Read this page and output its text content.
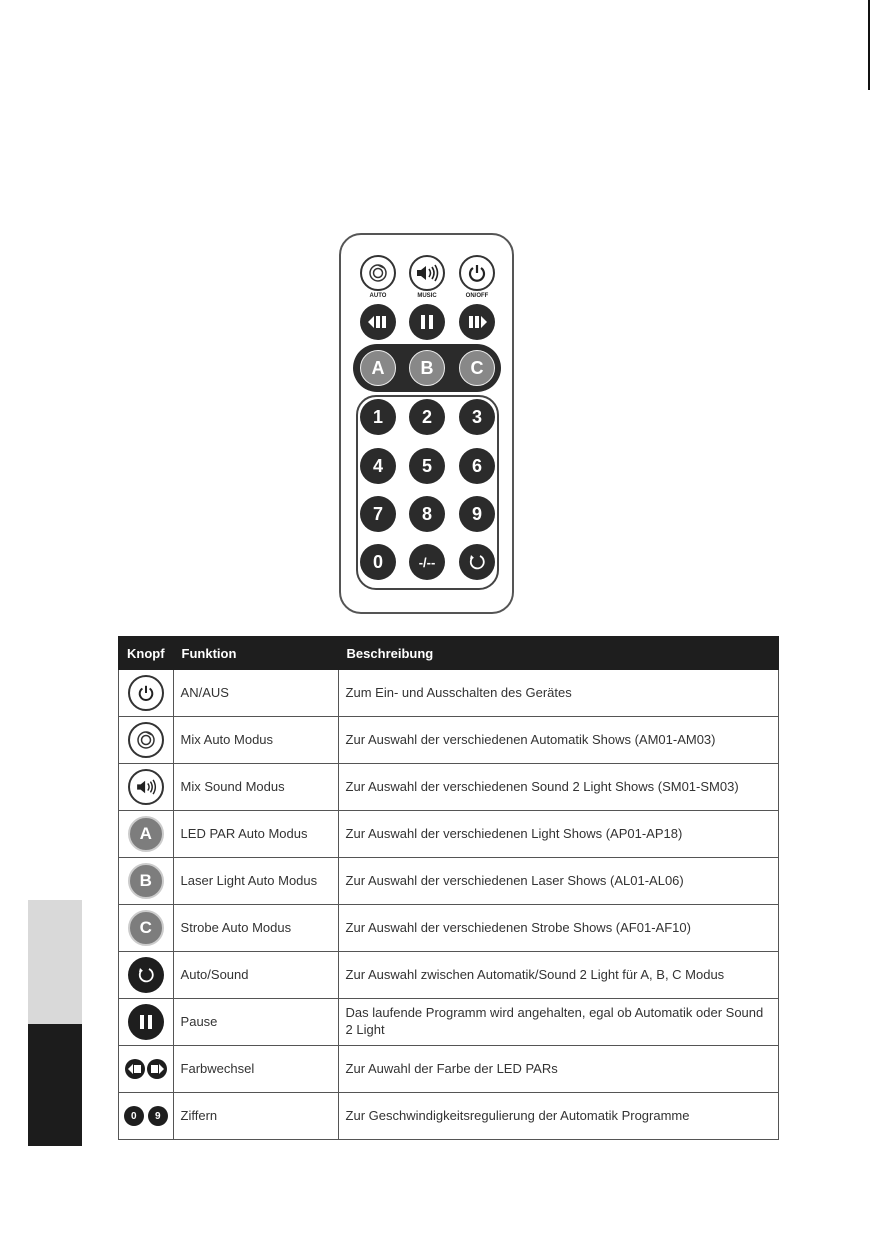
AUTO	MUSIC	ON/OFF
A	B	C
1	2	3
4	5	6
7	8	9
0	-/--
Knopf	Funktion	Beschreibung

	AN/AUS	Zum Ein- und Ausschalten des Gerätes

	Mix Auto Modus	Zur Auswahl der verschiedenen Automatik Shows (AM01-AM03)

	Mix Sound Modus	Zur Auswahl der verschiedenen Sound 2 Light Shows (SM01-SM03)
A	LED PAR Auto Modus	Zur Auswahl der verschiedenen Light Shows (AP01-AP18)
B	Laser Light Auto Modus	Zur Auswahl der verschiedenen Laser Shows (AL01-AL06)
C	Strobe Auto Modus	Zur Auswahl der verschiedenen Strobe Shows (AF01-AF10)

	Auto/Sound	Zur Auswahl zwischen Automatik/Sound 2 Light für A, B, C Modus

	Pause	Das laufende Programm wird angehalten, egal ob Automatik oder Sound 2 Light

	Farbwechsel	Zur Auwahl der Farbe der LED PARs
0 9	Ziffern	Zur Geschwindigkeitsregulierung der Automatik Programme
